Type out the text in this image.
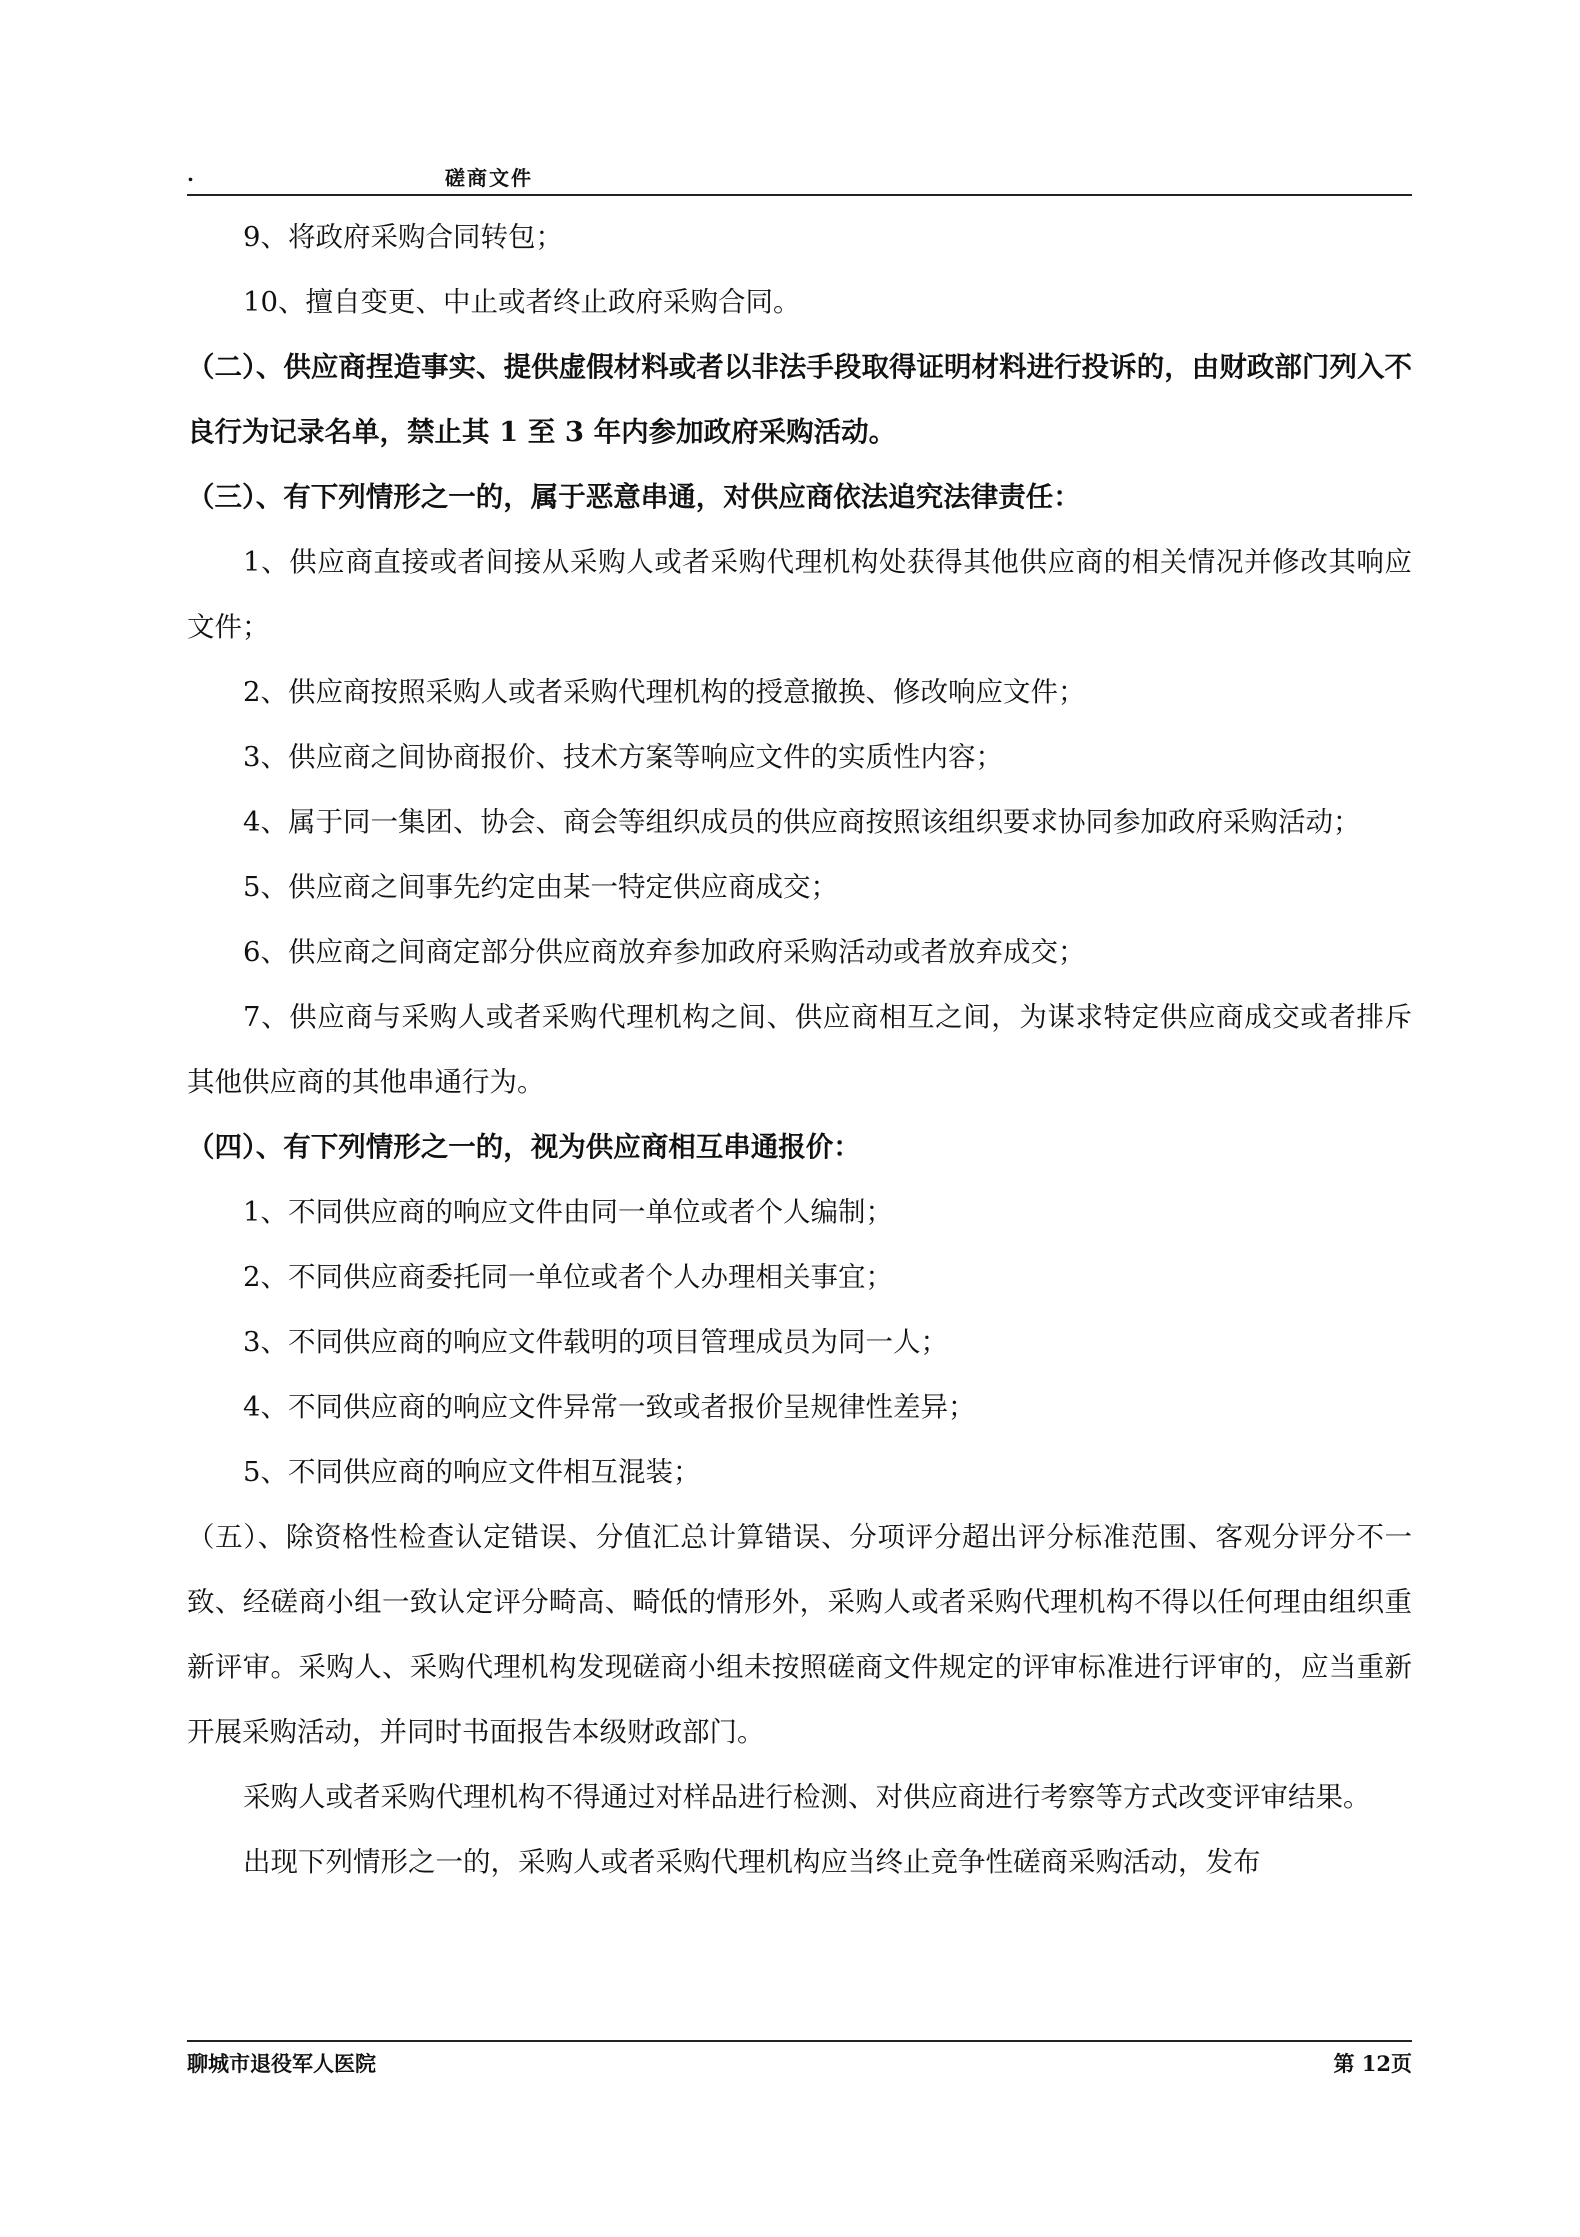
.	磋商文件

9、将政府采购合同转包；

10、擅自变更、中止或者终止政府采购合同。

（二）、供应商捏造事实、提供虚假材料或者以非法手段取得证明材料进行投诉的，由财政部门列入不良行为记录名单，禁止其 1 至 3 年内参加政府采购活动。

（三）、有下列情形之一的，属于恶意串通，对供应商依法追究法律责任：

1、供应商直接或者间接从采购人或者采购代理机构处获得其他供应商的相关情况并修改其响应文件；

2、供应商按照采购人或者采购代理机构的授意撤换、修改响应文件；

3、供应商之间协商报价、技术方案等响应文件的实质性内容；

4、属于同一集团、协会、商会等组织成员的供应商按照该组织要求协同参加政府采购活动；

5、供应商之间事先约定由某一特定供应商成交；

6、供应商之间商定部分供应商放弃参加政府采购活动或者放弃成交；

7、供应商与采购人或者采购代理机构之间、供应商相互之间，为谋求特定供应商成交或者排斥其他供应商的其他串通行为。

（四）、有下列情形之一的，视为供应商相互串通报价：

1、不同供应商的响应文件由同一单位或者个人编制；

2、不同供应商委托同一单位或者个人办理相关事宜；

3、不同供应商的响应文件载明的项目管理成员为同一人；

4、不同供应商的响应文件异常一致或者报价呈规律性差异；

5、不同供应商的响应文件相互混装；

（五）、除资格性检查认定错误、分值汇总计算错误、分项评分超出评分标准范围、客观分评分不一致、经磋商小组一致认定评分畸高、畸低的情形外，采购人或者采购代理机构不得以任何理由组织重新评审。采购人、采购代理机构发现磋商小组未按照磋商文件规定的评审标准进行评审的，应当重新开展采购活动，并同时书面报告本级财政部门。

采购人或者采购代理机构不得通过对样品进行检测、对供应商进行考察等方式改变评审结果。

出现下列情形之一的，采购人或者采购代理机构应当终止竞争性磋商采购活动，发布

聊城市退役军人医院	第 12页
